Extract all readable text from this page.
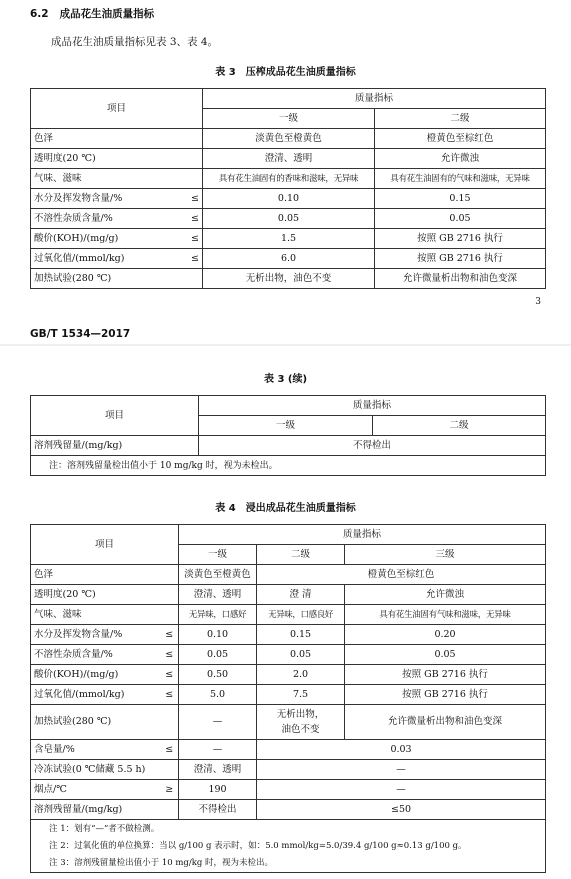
6.2 成品花生油质量指标
成品花生油质量指标见表 3、表 4。
表 3　压榨成品花生油质量指标
项目	质量指标	
	一级	二级
色泽	淡黄色至橙黄色	橙黄色至棕红色
透明度(20 ℃)	澄清、透明	允许微浊
气味、滋味	具有花生油固有的香味和滋味，无异味	具有花生油固有的气味和滋味，无异味
水分及挥发物含量/% ≤	0.10	0.15
不溶性杂质含量/% ≤	0.05	0.05
酸价(KOH)/(mg/g) ≤	1.5	按照 GB 2716 执行
过氧化值/(mmol/kg) ≤	6.0	按照 GB 2716 执行
加热试验(280 ℃)	无析出物，油色不变	允许微量析出物和油色变深
3
GB/T 1534—2017
表 3 (续)
项目	质量指标	
	一级	二级
溶剂残留量/(mg/kg)	不得检出	
注：溶剂残留量检出值小于 10 mg/kg 时，视为未检出。		
表 4　浸出成品花生油质量指标
项目		质量指标		
		一级	二级	三级
色泽		淡黄色至橙黄色	橙黄色至棕红色	
透明度(20 ℃)		澄清、透明	澄 清	允许微浊
气味、滋味		无异味，口感好	无异味，口感良好	具有花生油固有气味和滋味，无异味
水分及挥发物含量/%	≤	0.10	0.15	0.20
不溶性杂质含量/%	≤	0.05	0.05	0.05
酸价(KOH)/(mg/g)	≤	0.50	2.0	按照 GB 2716 执行
过氧化值/(mmol/kg)	≤	5.0	7.5	按照 GB 2716 执行
加热试验(280 ℃)		—	无析出物，
油色不变	允许微量析出物和油色变深
含皂量/%	≤	—	0.03	
冷冻试验(0 ℃储藏 5.5 h)		澄清、透明	—	
烟点/℃	≥	190	—	
溶剂残留量/(mg/kg)		不得检出	≤50	

注 1：划有“—”者不做检测。
注 2：过氧化值的单位换算：当以 g/100 g 表示时，如：5.0 mmol/kg=5.0/39.4 g/100 g≈0.13 g/100 g。
注 3：溶剂残留量检出值小于 10 mg/kg 时，视为未检出。				
